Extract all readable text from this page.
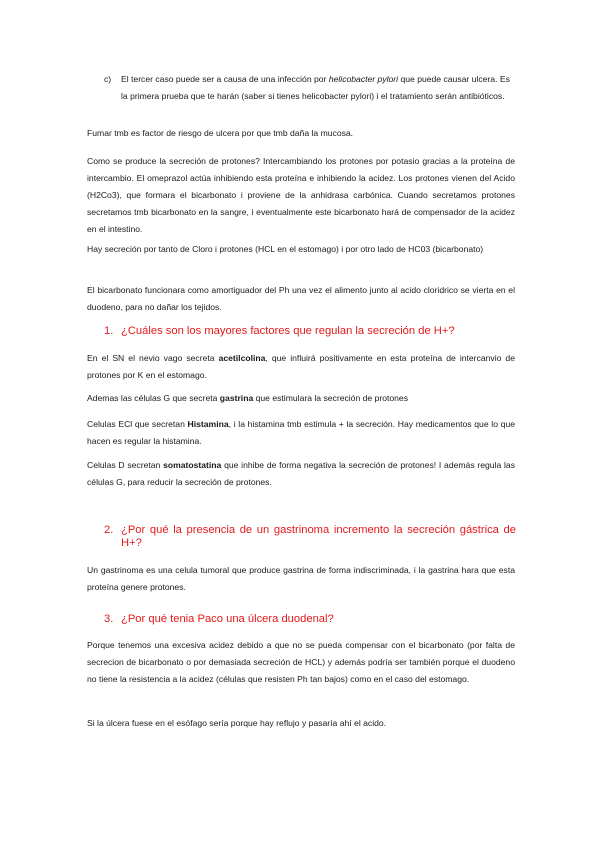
c) El tercer caso puede ser a causa de una infección por helicobacter pylori que puede causar ulcera. Es la primera prueba que te harán (saber si tienes helicobacter pylori) i el tratamiento serán antibióticos.

Fumar tmb es factor de riesgo de ulcera por que tmb daña la mucosa.

Como se produce la secreción de protones? Intercambiando los protones por potasio gracias a la proteína de intercambio. El omeprazol actúa inhibiendo esta proteína e inhibiendo la acidez. Los protones vienen del Acido (H2Co3), que formara el bicarbonato i proviene de la anhidrasa carbónica. Cuando secretamos protones secretamos tmb bicarbonato en la sangre, i eventualmente este bicarbonato hará de compensador de la acidez en el intestino.

Hay secreción por tanto de Cloro i protones (HCL en el estomago) i por otro lado de HC03 (bicarbonato)

El bicarbonato funcionara como amortiguador del Ph una vez el alimento junto al acido cloridrico se vierta en el duodeno, para no dañar los tejidos.

1. ¿Cuáles son los mayores factores que regulan la secreción de H+?

En el SN el nevio vago secreta acetilcolina, que influirá positivamente en esta proteína de intercanvio de protones por K en el estomago.

Ademas las células G que secreta gastrina que estimulara la secreción de protones

Celulas ECl que secretan Histamina, i la histamina tmb estimula + la secreción. Hay medicamentos que lo que hacen es regular la histamina.

Celulas D secretan somatostatina que inhibe de forma negativa la secreción de protones! I además regula las células G, para reducir la secreción de protones.

2. ¿Por qué la presencia de un gastrinoma incremento la secreción gástrica de H+?

Un gastrinoma es una celula tumoral que produce gastrina de forma indiscriminada, i la gastrina hara que esta proteína genere protones.

3. ¿Por qué tenia Paco una úlcera duodenal?

Porque tenemos una excesiva acidez debido a que no se pueda compensar con el bicarbonato (por falta de secrecion de bicarbonato o por demasiada secreción de HCL) y además podría ser también porque el duodeno no tiene la resistencia a la acidez (células que resisten Ph tan bajos) como en el caso del estomago.

Si la úlcera fuese en el esófago sería porque hay reflujo y pasaría ahí el acido.
